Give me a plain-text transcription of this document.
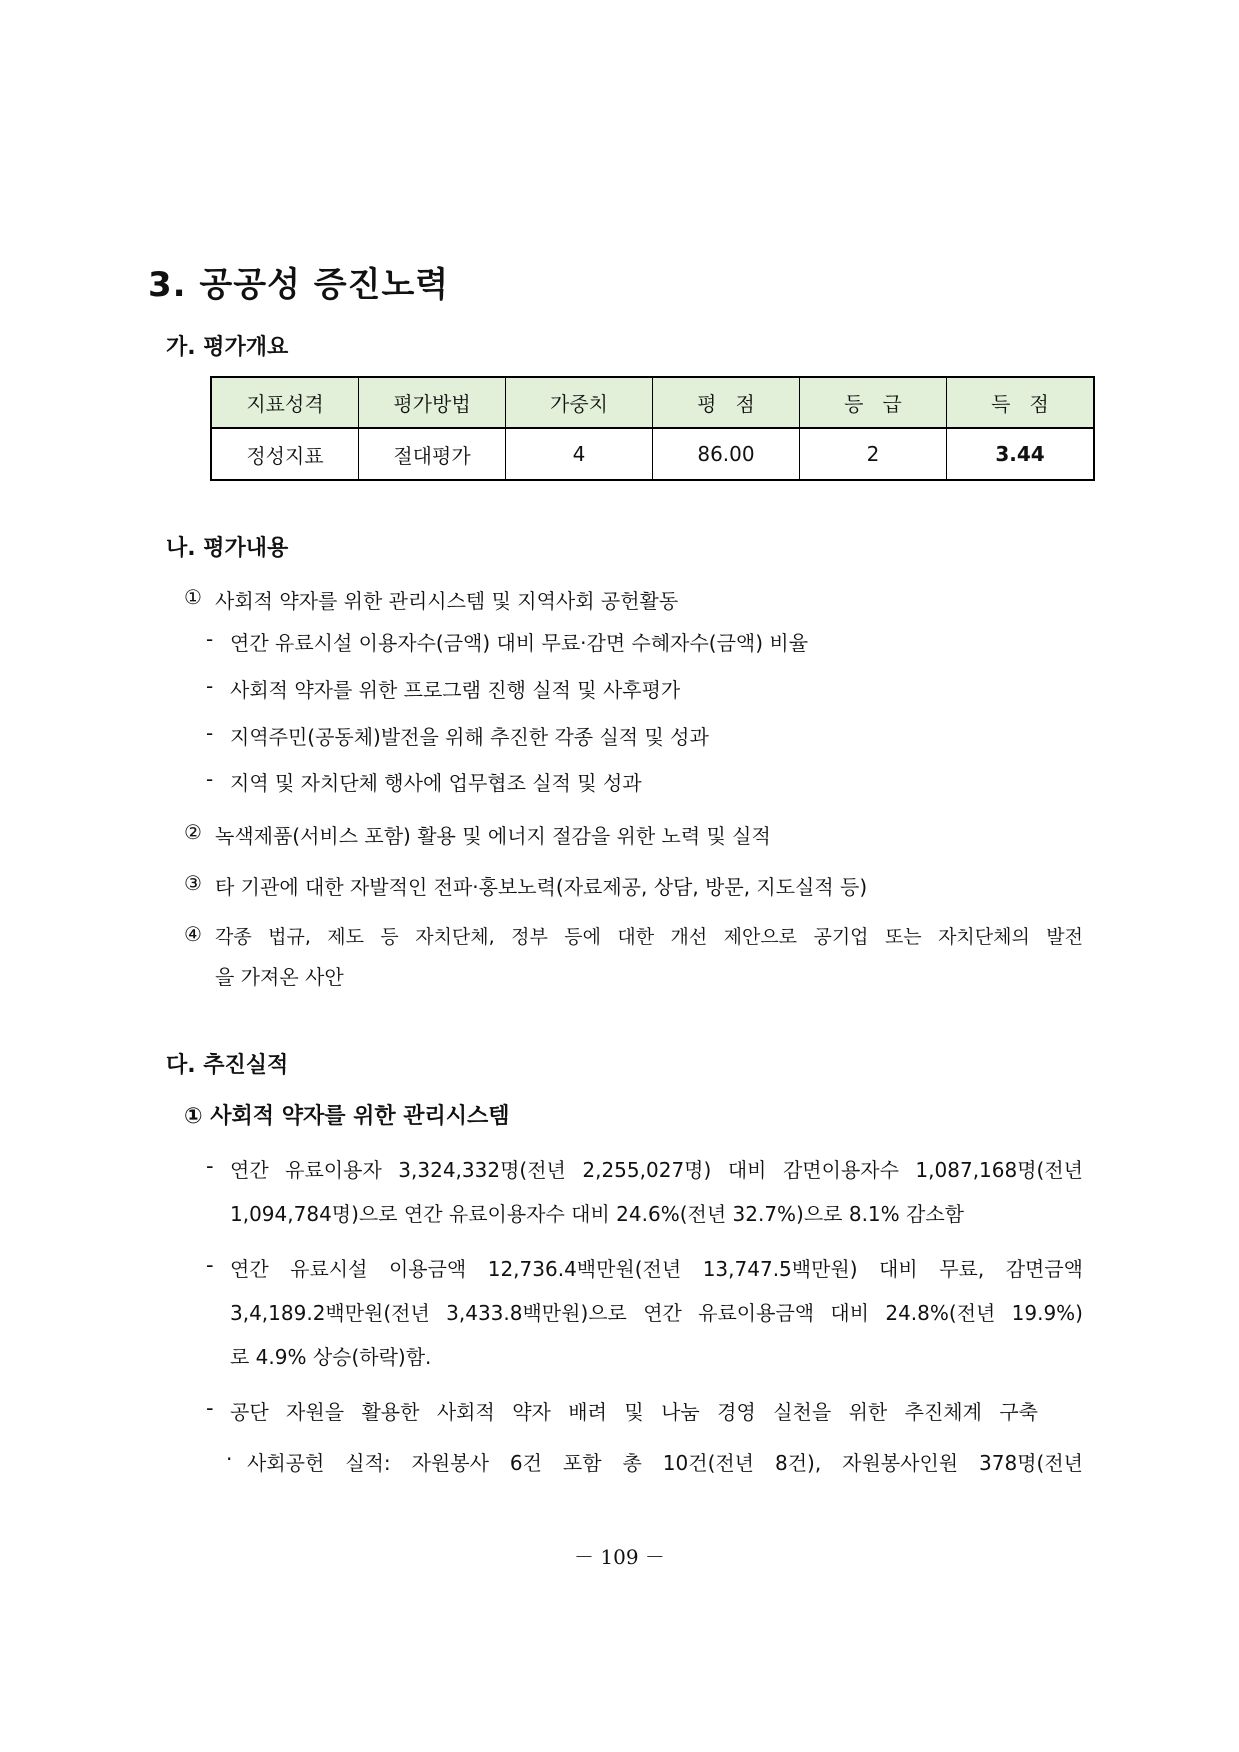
3. 공공성 증진노력
가. 평가개요
지표성격	평가방법	가중치	평   점	등   급	득   점
정성지표	절대평가	4	86.00	2	3.44
나. 평가내용
① 사회적 약자를 위한 관리시스템 및 지역사회 공헌활동
- 연간 유료시설 이용자수(금액) 대비 무료·감면 수혜자수(금액) 비율
- 사회적 약자를 위한 프로그램 진행 실적 및 사후평가
- 지역주민(공동체)발전을 위해 추진한 각종 실적 및 성과
- 지역 및 자치단체 행사에 업무협조 실적 및 성과
② 녹색제품(서비스 포함) 활용 및 에너지 절감을 위한 노력 및 실적
③ 타 기관에 대한 자발적인 전파·홍보노력(자료제공, 상담, 방문, 지도실적 등)
④ 각종 법규, 제도 등 자치단체, 정부 등에 대한 개선 제안으로 공기업 또는 자치단체의 발전
을 가져온 사안
다. 추진실적
① 사회적 약자를 위한 관리시스템
- 연간 유료이용자 3,324,332명(전년 2,255,027명) 대비 감면이용자수 1,087,168명(전년
1,094,784명)으로 연간 유료이용자수 대비 24.6%(전년 32.7%)으로 8.1% 감소함
- 연간 유료시설 이용금액 12,736.4백만원(전년 13,747.5백만원) 대비 무료, 감면금액
3,4,189.2백만원(전년 3,433.8백만원)으로 연간 유료이용금액 대비 24.8%(전년 19.9%)
로 4.9% 상승(하락)함.
- 공단 자원을 활용한 사회적 약자 배려 및 나눔 경영 실천을 위한 추진체계 구축
· 사회공헌 실적: 자원봉사 6건 포함 총 10건(전년 8건), 자원봉사인원 378명(전년
－ 109 －
